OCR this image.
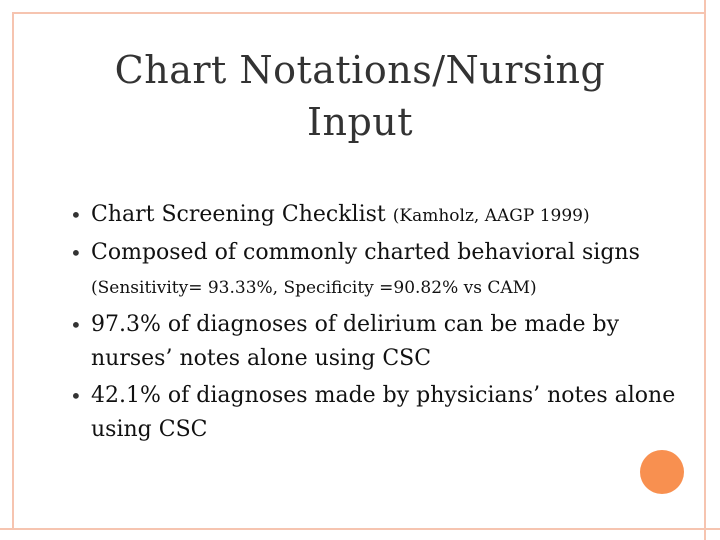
Chart Notations/Nursing
Input
• Chart Screening Checklist (Kamholz, AAGP 1999)
• Composed of commonly charted behavioral signs (Sensitivity= 93.33%, Specificity =90.82% vs CAM)
• 97.3% of diagnoses of delirium can be made by nurses’ notes alone using CSC
• 42.1% of diagnoses made by physicians’ notes alone using CSC
